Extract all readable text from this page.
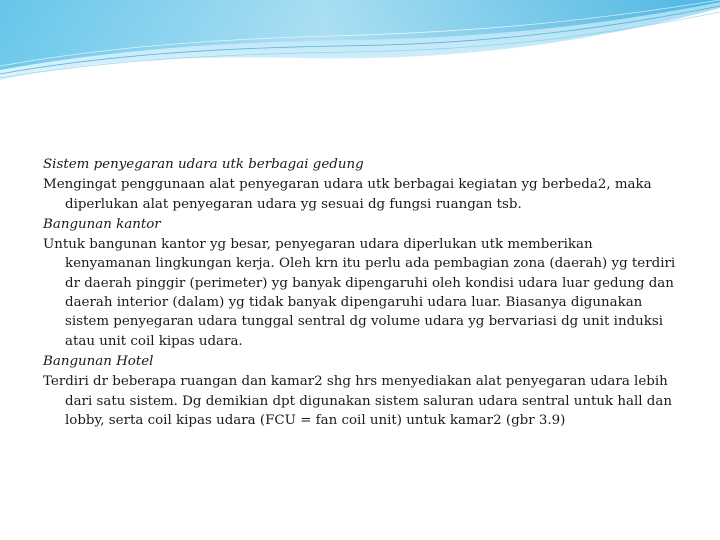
Sistem penyegaran udara utk berbagai gedung

Mengingat penggunaan alat penyegaran udara utk berbagai kegiatan yg berbeda2, maka diperlukan alat penyegaran udara yg sesuai dg fungsi ruangan tsb.

Bangunan kantor

Untuk bangunan kantor yg besar, penyegaran udara diperlukan utk memberikan kenyamanan lingkungan kerja. Oleh krn itu perlu ada pembagian zona (daerah) yg terdiri dr daerah pinggir (perimeter) yg banyak dipengaruhi oleh kondisi udara luar gedung dan daerah interior (dalam) yg tidak banyak dipengaruhi udara luar. Biasanya digunakan sistem penyegaran udara tunggal sentral dg volume udara yg bervariasi dg unit induksi atau unit coil kipas udara.

Bangunan Hotel

Terdiri dr beberapa ruangan dan kamar2 shg hrs menyediakan alat penyegaran udara lebih dari satu sistem. Dg demikian dpt digunakan sistem saluran udara sentral untuk hall dan lobby, serta coil kipas udara (FCU = fan coil unit) untuk kamar2 (gbr 3.9)
